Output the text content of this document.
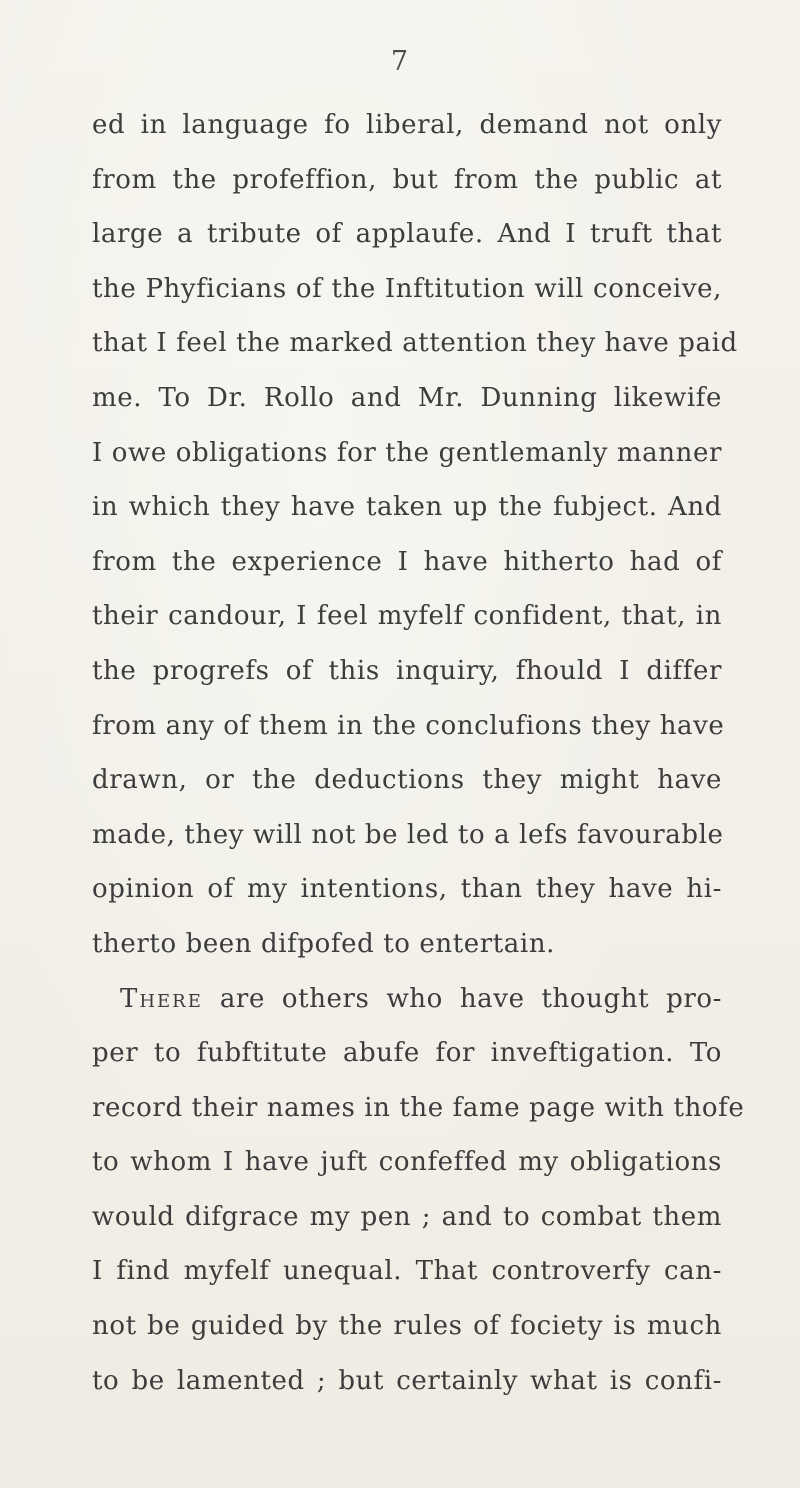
7
ed in language fo liberal, demand not only
from the profeffion, but from the public at
large a tribute of applaufe. And I truft that
the Phyficians of the Inftitution will conceive,
that I feel the marked attention they have paid
me. To Dr. Rollo and Mr. Dunning likewife
I owe obligations for the gentlemanly manner
in which they have taken up the fubject. And
from the experience I have hitherto had of
their candour, I feel myfelf confident, that, in
the progrefs of this inquiry, fhould I differ
from any of them in the conclufions they have
drawn, or the deductions they might have
made, they will not be led to a lefs favourable
opinion of my intentions, than they have hi-
therto been difpofed to entertain.
There are others who have thought pro-
per to fubftitute abufe for inveftigation. To
record their names in the fame page with thofe
to whom I have juft confeffed my obligations
would difgrace my pen ; and to combat them
I find myfelf unequal. That controverfy can-
not be guided by the rules of fociety is much
to be lamented ; but certainly what is confi-
